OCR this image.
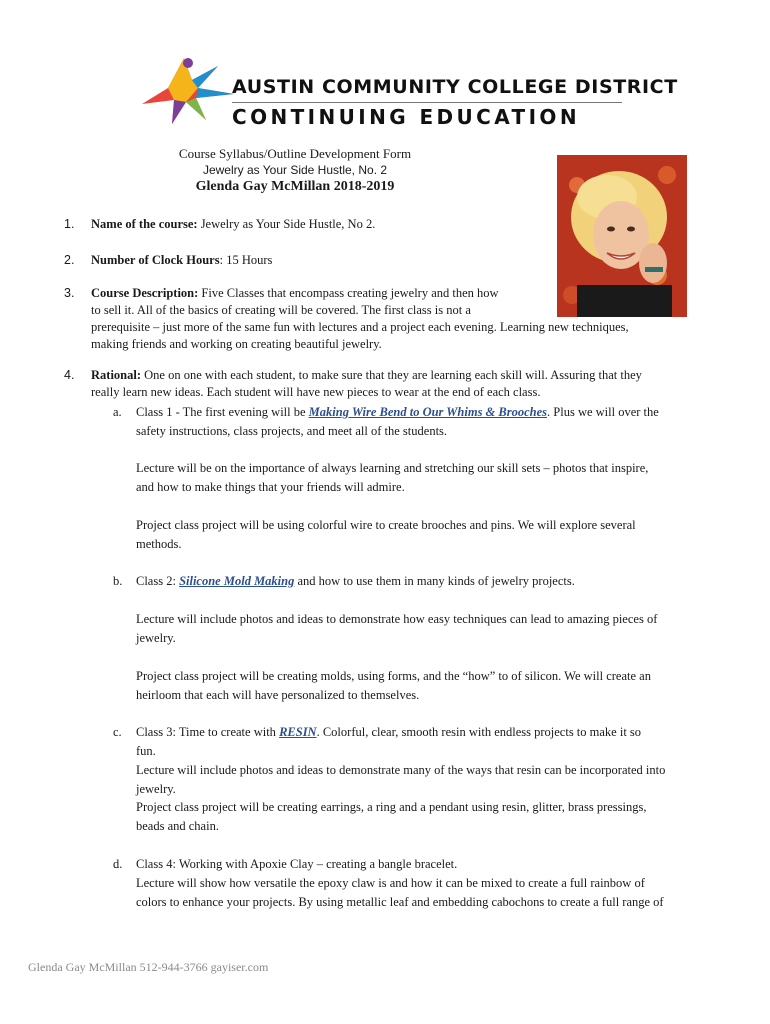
AUSTIN COMMUNITY COLLEGE DISTRICT
CONTINUING EDUCATION
Course Syllabus/Outline Development Form
Jewelry as Your Side Hustle, No. 2
Glenda Gay McMillan 2018-2019
1. Name of the course: Jewelry as Your Side Hustle, No 2.
2. Number of Clock Hours: 15 Hours
3. Course Description: Five Classes that encompass creating jewelry and then how
to sell it. All of the basics of creating will be covered. The first class is not a
prerequisite – just more of the same fun with lectures and a project each evening. Learning new techniques,
making friends and working on creating beautiful jewelry.
4. Rational: One on one with each student, to make sure that they are learning each skill will. Assuring that they
really learn new ideas. Each student will have new pieces to wear at the end of each class.
a. Class 1 - The first evening will be Making Wire Bend to Our Whims & Brooches. Plus we will over the
safety instructions, class projects, and meet all of the students.
Lecture will be on the importance of always learning and stretching our skill sets – photos that inspire,
and how to make things that your friends will admire.
Project class project will be using colorful wire to create brooches and pins. We will explore several
methods.
b. Class 2: Silicone Mold Making and how to use them in many kinds of jewelry projects.
Lecture will include photos and ideas to demonstrate how easy techniques can lead to amazing pieces of
jewelry.
Project class project will be creating molds, using forms, and the “how” to of silicon. We will create an
heirloom that each will have personalized to themselves.
c. Class 3: Time to create with RESIN. Colorful, clear, smooth resin with endless projects to make it so
fun.
Lecture will include photos and ideas to demonstrate many of the ways that resin can be incorporated into
jewelry.
Project class project will be creating earrings, a ring and a pendant using resin, glitter, brass pressings,
beads and chain.
d. Class 4: Working with Apoxie Clay – creating a bangle bracelet.
Lecture will show how versatile the epoxy claw is and how it can be mixed to create a full rainbow of
colors to enhance your projects. By using metallic leaf and embedding cabochons to create a full range of
Glenda Gay McMillan 512-944-3766 gayiser.com
